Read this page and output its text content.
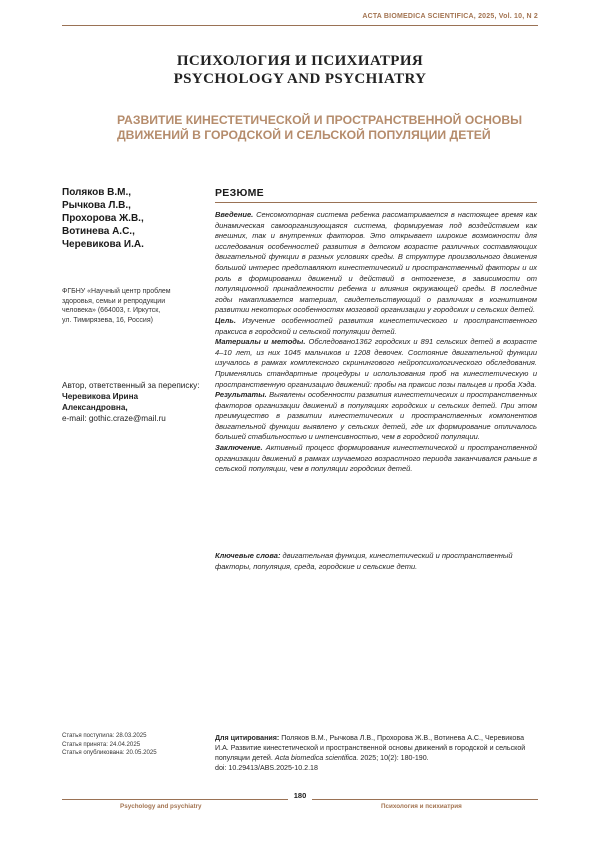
ACTA BIOMEDICA SCIENTIFICA, 2025, Vol. 10, N 2
ПСИХОЛОГИЯ И ПСИХИАТРИЯ
PSYCHOLOGY AND PSYCHIATRY
РАЗВИТИЕ КИНЕСТЕТИЧЕСКОЙ И ПРОСТРАНСТВЕННОЙ ОСНОВЫ
ДВИЖЕНИЙ В ГОРОДСКОЙ И СЕЛЬСКОЙ ПОПУЛЯЦИИ ДЕТЕЙ
Поляков В.М.,
Рычкова Л.В.,
Прохорова Ж.В.,
Вотинева А.С.,
Черевикова И.А.
ФГБНУ «Научный центр проблем
здоровья, семьи и репродукции
человека» (664003, г. Иркутск,
ул. Тимирязева, 16, Россия)
Автор, ответственный за переписку:
Черевикова Ирина
Александровна,
e-mail: gothic.craze@mail.ru
Статья поступила: 28.03.2025
Статья принята: 24.04.2025
Статья опубликована: 20.05.2025
РЕЗЮМЕ

Введение. Сенсомоторная система ребенка рассматривается в настоящее время как динамическая самоорганизующаяся система, формируемая под воздействием как внешних, так и внутренних факторов. Это открывает широкие возможности для исследования особенностей развития в детском возрасте различных составляющих двигательной функции в разных условиях среды. В структуре произвольного движения большой интерес представляют кинестетический и пространственный факторы и их роль в формировании движений и действий в онтогенезе, в зависимости от популяционной принадлежности ребенка и влияния окружающей среды. В последние годы накапливается материал, свидетельствующий о различиях в когнитивном развитии некоторых особенностях мозговой организации у городских и сельских детей.

Цель. Изучение особенностей развития кинестетического и пространственного праксиса в городской и сельской популяции детей.

Материалы и методы. Обследовано1362 городских и 891 сельских детей в возрасте 4–10 лет, из них 1045 мальчиков и 1208 девочек. Состояние двигательной функции изучалось в рамках комплексного скринингового нейропсихологического обследования. Применялись стандартные процедуры и использования проб на кинестетическую и пространственную организацию движений: пробы на праксис позы пальцев и проба Хэда.

Результаты. Выявлены особенности развития кинестетических и пространственных факторов организации движений в популяциях городских и сельских детей. При этом преимущество в развитии кинестетических и пространственных компонентов двигательной функции выявлено у сельских детей, где их формирование отличалось большей стабильностью и интенсивностью, чем в городской популяции.

Заключение. Активный процесс формирования кинестетической и пространственной организации движений в рамках изучаемого возрастного периода заканчивался раньше в сельской популяции, чем в популяции городских детей.

Ключевые слова: двигательная функция, кинестетический и пространственный факторы, популяция, среда, городские и сельские дети.
Для цитирования: Поляков В.М., Рычкова Л.В., Прохорова Ж.В., Вотинева А.С., Черевикова И.А. Развитие кинестетической и пространственной основы движений в городской и сельской популяции детей. Acta biomedica scientifica. 2025; 10(2): 180-190.
doi: 10.29413/ABS.2025-10.2.18
180
Psychology and psychiatry	Психология и психиатрия
